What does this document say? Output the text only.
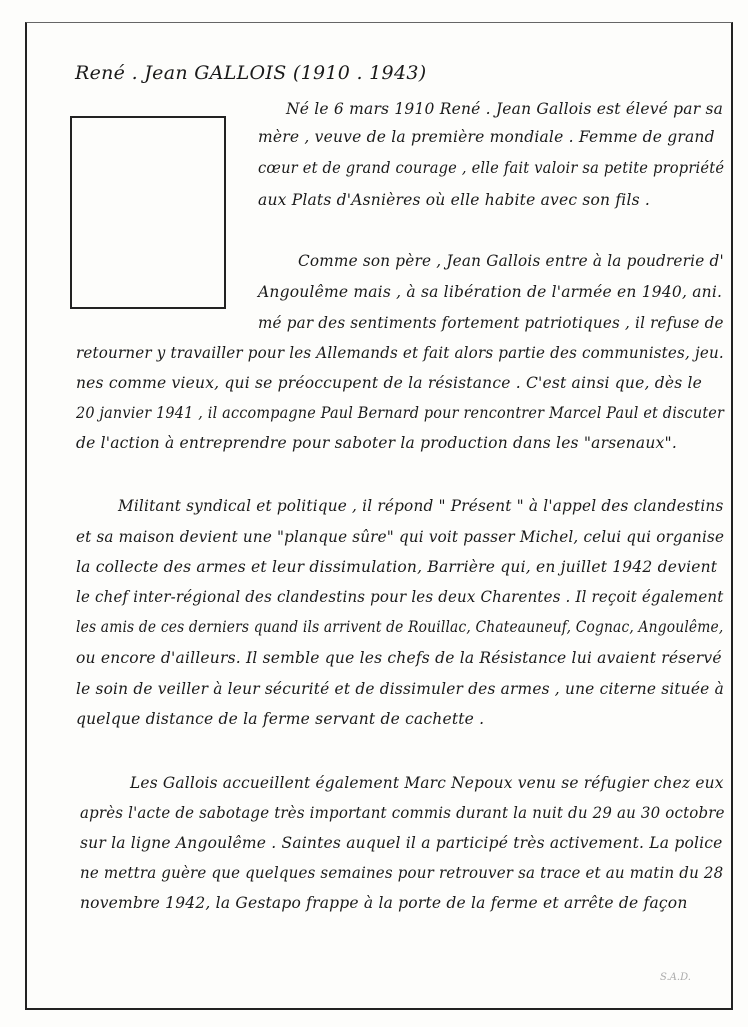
René . Jean GALLOIS (1910 . 1943)
Né le 6 mars 1910 René . Jean Gallois est élevé par sa
mère , veuve de la première mondiale . Femme de grand
cœur et de grand courage , elle fait valoir sa petite propriété
aux Plats d'Asnières où elle habite avec son fils .
Comme son père , Jean Gallois entre à la poudrerie d'
Angoulême mais , à sa libération de l'armée en 1940, ani.
mé par des sentiments fortement patriotiques , il refuse de
retourner y travailler pour les Allemands et fait alors partie des communistes, jeu.
nes comme vieux, qui se préoccupent de la résistance . C'est ainsi que, dès le
20 janvier 1941 , il accompagne Paul Bernard pour rencontrer Marcel Paul et discuter
de l'action à entreprendre pour saboter la production dans les "arsenaux".
Militant syndical et politique , il répond " Présent " à l'appel des clandestins
et sa maison devient une "planque sûre" qui voit passer Michel, celui qui organise
la collecte des armes et leur dissimulation, Barrière qui, en juillet 1942 devient
le chef inter-régional des clandestins pour les deux Charentes . Il reçoit également
les amis de ces derniers quand ils arrivent de Rouillac, Chateauneuf, Cognac, Angoulême,
ou encore d'ailleurs. Il semble que les chefs de la Résistance lui avaient réservé
le soin de veiller à leur sécurité et de dissimuler des armes , une citerne située à
quelque distance de la ferme servant de cachette .
Les Gallois accueillent également Marc Nepoux venu se réfugier chez eux
après l'acte de sabotage très important commis durant la nuit du 29 au 30 octobre
sur la ligne Angoulême . Saintes auquel il a participé très activement. La police
ne mettra guère que quelques semaines pour retrouver sa trace et au matin du 28
novembre 1942, la Gestapo frappe à la porte de la ferme et arrête de façon
S.A.D.
